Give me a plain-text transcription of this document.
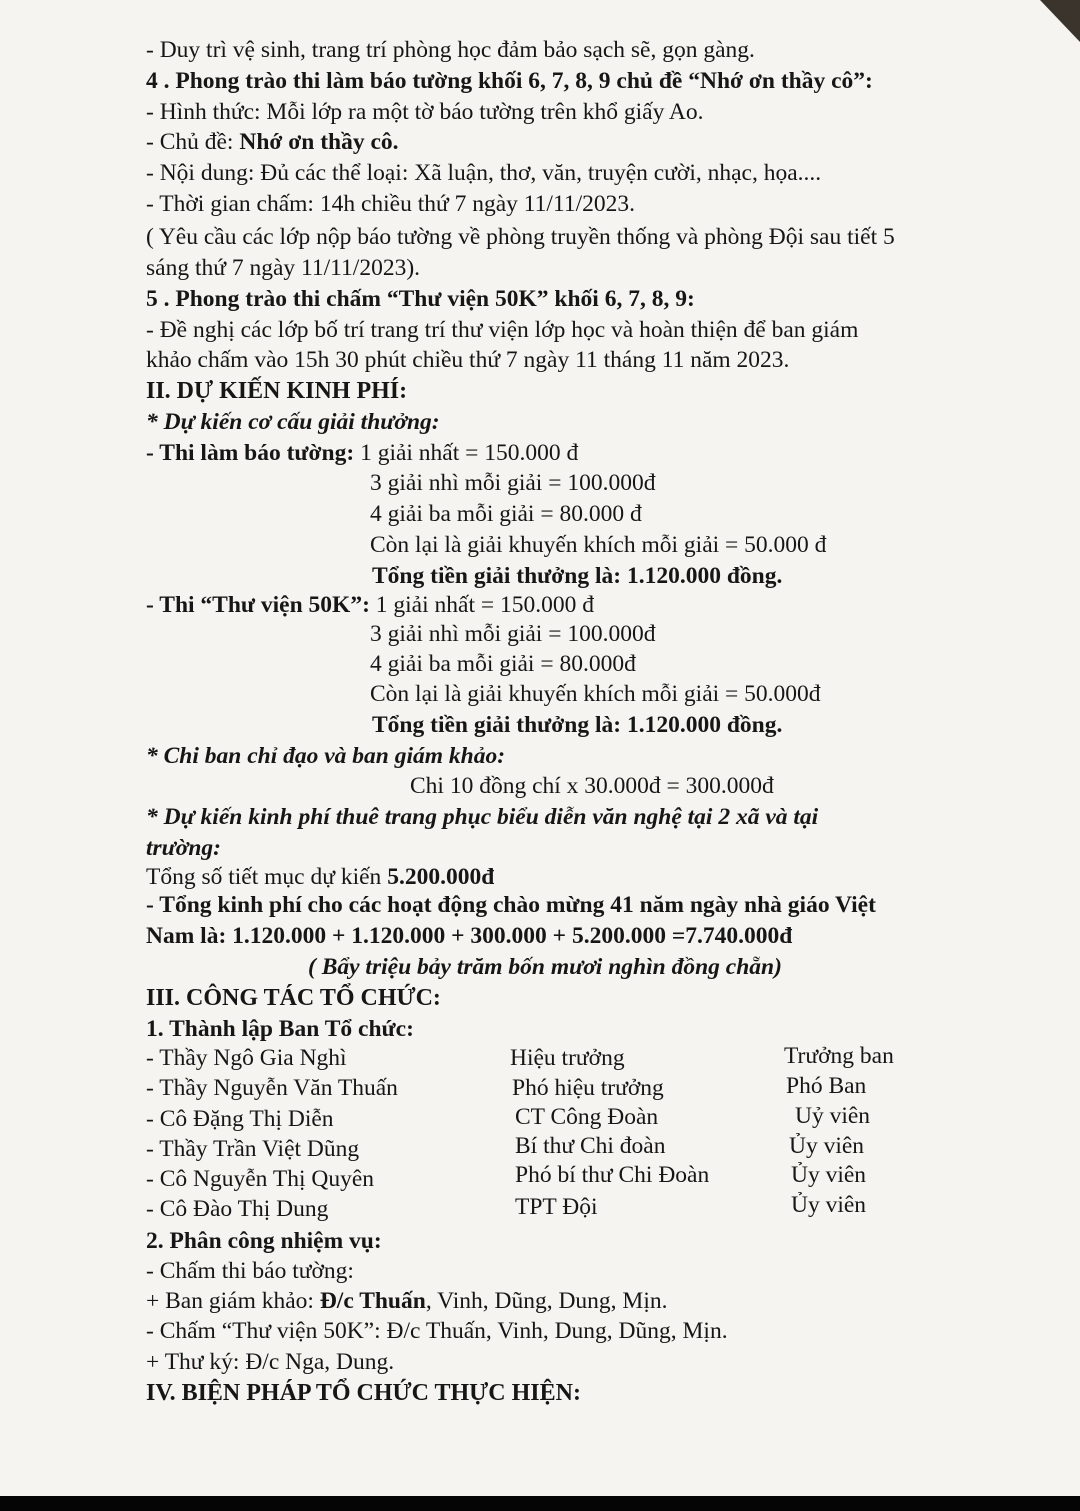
- Duy trì vệ sinh, trang trí phòng học đảm bảo sạch sẽ, gọn gàng.
4 . Phong trào thi làm báo tường khối 6, 7, 8, 9 chủ đề “Nhớ ơn thầy cô”:
- Hình thức: Mỗi lớp ra một tờ báo tường trên khổ giấy Ao.
- Chủ đề: Nhớ ơn thầy cô.
- Nội dung: Đủ các thể loại: Xã luận, thơ, văn, truyện cười, nhạc, họa....
- Thời gian chấm: 14h chiều thứ 7 ngày 11/11/2023.
( Yêu cầu các lớp nộp báo tường về phòng truyền thống và phòng Đội sau tiết 5
sáng thứ 7 ngày 11/11/2023).
5 . Phong trào thi chấm “Thư viện 50K” khối 6, 7, 8, 9:
- Đề nghị các lớp bố trí trang trí thư viện lớp học và hoàn thiện để ban giám
khảo chấm vào 15h 30 phút chiều thứ 7 ngày 11 tháng 11 năm 2023.
II. DỰ KIẾN KINH PHÍ:
* Dự kiến cơ cấu giải thưởng:
- Thi làm báo tường: 1 giải nhất = 150.000 đ
3 giải nhì mỗi giải = 100.000đ
4 giải ba mỗi giải = 80.000 đ
Còn lại là giải khuyến khích mỗi giải = 50.000 đ
Tổng tiền giải thưởng là: 1.120.000 đồng.
- Thi “Thư viện 50K”: 1 giải nhất = 150.000 đ
3 giải nhì mỗi giải = 100.000đ
4 giải ba mỗi giải = 80.000đ
Còn lại là giải khuyến khích mỗi giải = 50.000đ
Tổng tiền giải thưởng là: 1.120.000 đồng.
* Chi ban chỉ đạo và ban giám khảo:
Chi 10 đồng chí x 30.000đ = 300.000đ
* Dự kiến kinh phí thuê trang phục biểu diễn văn nghệ tại 2 xã và tại
trường:
Tổng số tiết mục dự kiến 5.200.000đ
- Tổng kinh phí cho các hoạt động chào mừng 41 năm ngày nhà giáo Việt
Nam là: 1.120.000 + 1.120.000 + 300.000 + 5.200.000 =7.740.000đ
( Bẩy triệu bảy trăm bốn mươi nghìn đồng chẵn)
III. CÔNG TÁC TỔ CHỨC:
1. Thành lập Ban Tổ chức:
- Thầy Ngô Gia Nghì	Hiệu trưởng	Trưởng ban
- Thầy Nguyễn Văn Thuấn	Phó hiệu trưởng	Phó Ban
- Cô Đặng Thị Diễn	CT Công Đoàn	Uỷ viên
- Thầy Trần Việt Dũng	Bí thư Chi đoàn	Ủy viên
- Cô Nguyễn Thị Quyên	Phó bí thư Chi Đoàn	Ủy viên
- Cô Đào Thị Dung	TPT Đội	Ủy viên
2. Phân công nhiệm vụ:
- Chấm thi báo tường:
+ Ban giám khảo: Đ/c Thuấn, Vinh, Dũng, Dung, Mịn.
- Chấm “Thư viện 50K”: Đ/c Thuấn, Vinh, Dung, Dũng, Mịn.
+ Thư ký: Đ/c Nga, Dung.
IV. BIỆN PHÁP TỔ CHỨC THỰC HIỆN:
